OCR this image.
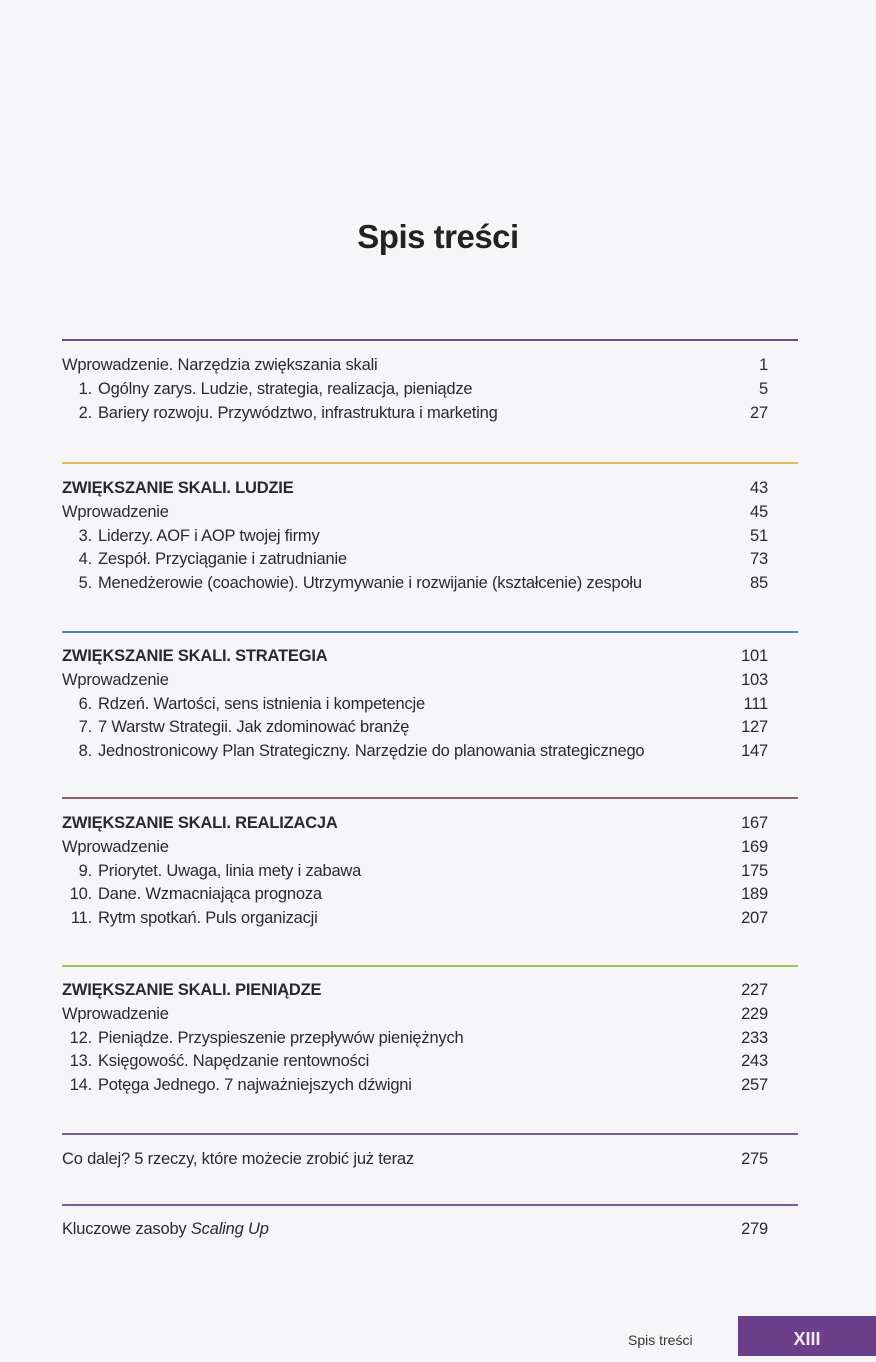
Spis treści
Wprowadzenie. Narzędzia zwiększania skali	1
1. Ogólny zarys. Ludzie, strategia, realizacja, pieniądze	5
2. Bariery rozwoju. Przywództwo, infrastruktura i marketing	27
ZWIĘKSZANIE SKALI. LUDZIE	43
Wprowadzenie	45
3. Liderzy. AOF i AOP twojej firmy	51
4. Zespół. Przyciąganie i zatrudnianie	73
5. Menedżerowie (coachowie). Utrzymywanie i rozwijanie (kształcenie) zespołu	85
ZWIĘKSZANIE SKALI. STRATEGIA	101
Wprowadzenie	103
6. Rdzeń. Wartości, sens istnienia i kompetencje	111
7. 7 Warstw Strategii. Jak zdominować branżę	127
8. Jednostronicowy Plan Strategiczny. Narzędzie do planowania strategicznego	147
ZWIĘKSZANIE SKALI. REALIZACJA	167
Wprowadzenie	169
9. Priorytet. Uwaga, linia mety i zabawa	175
10. Dane. Wzmacniająca prognoza	189
11. Rytm spotkań. Puls organizacji	207
ZWIĘKSZANIE SKALI. PIENIĄDZE	227
Wprowadzenie	229
12. Pieniądze. Przyspieszenie przepływów pieniężnych	233
13. Księgowość. Napędzanie rentowności	243
14. Potęga Jednego. 7 najważniejszych dźwigni	257
Co dalej? 5 rzeczy, które możecie zrobić już teraz	275
Kluczowe zasoby Scaling Up	279
Spis treści	XIII
